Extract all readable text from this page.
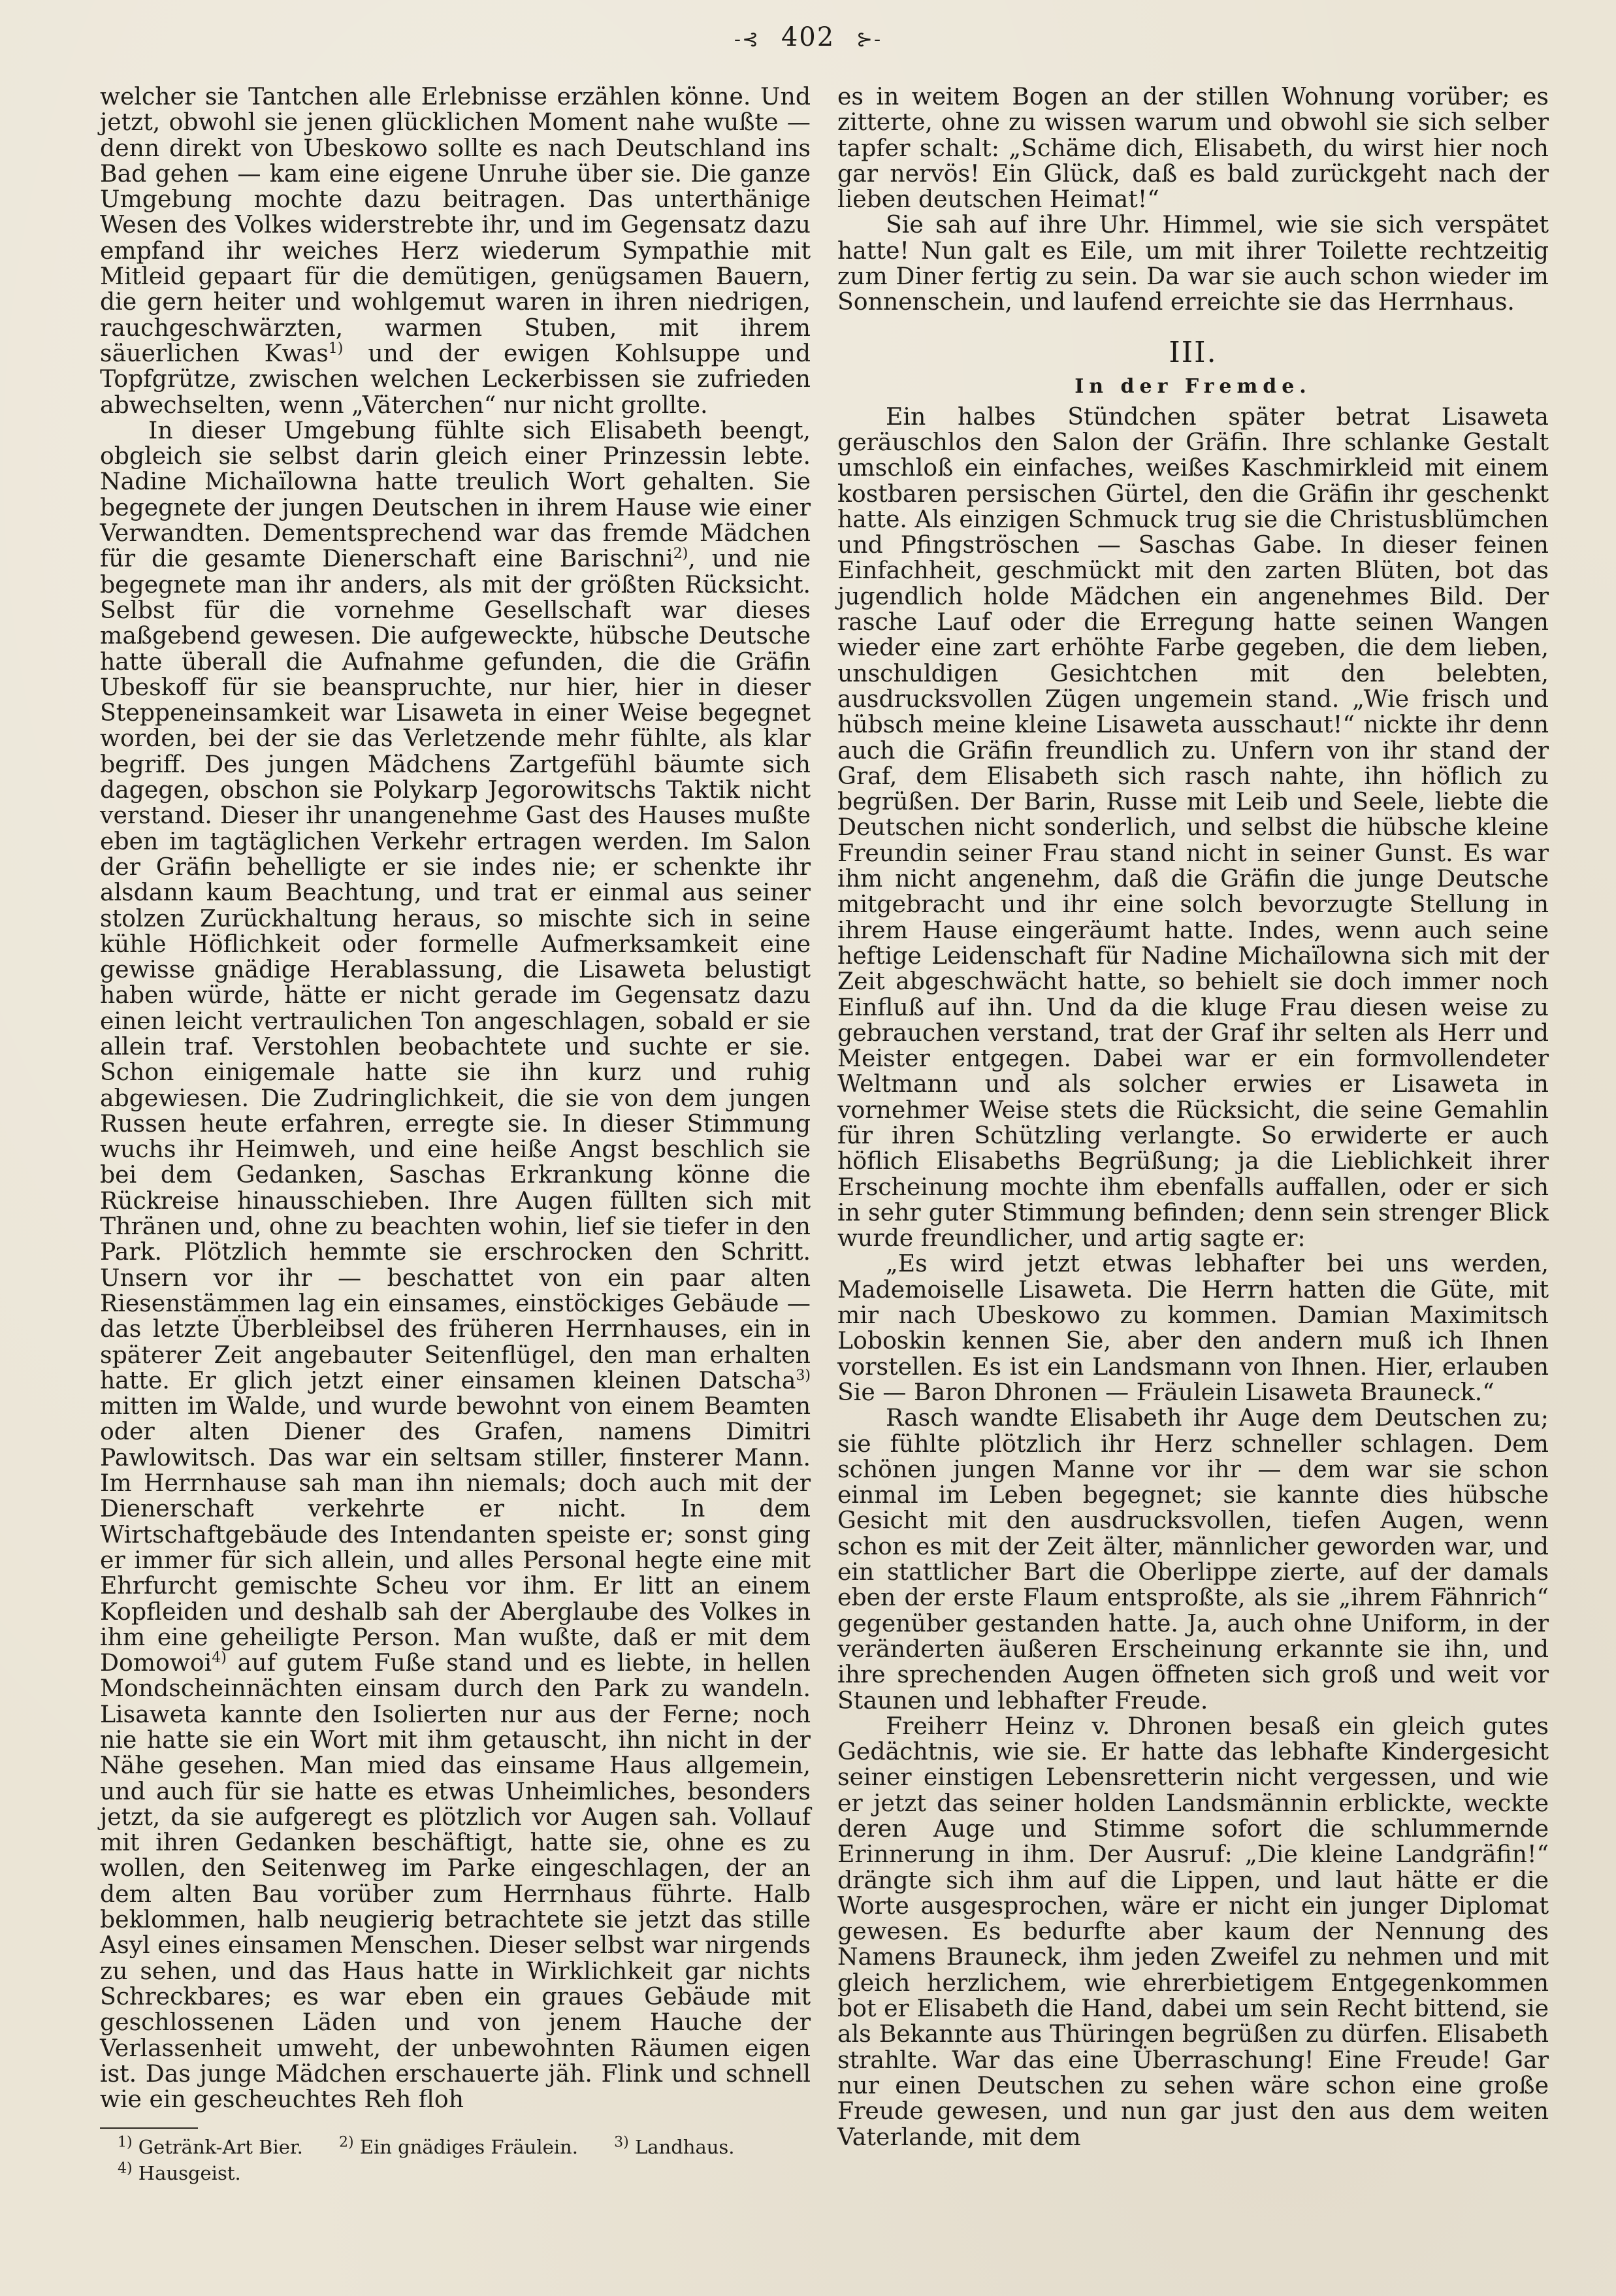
-⊰ 402 ⊱-

welcher sie Tantchen alle Erlebnisse erzählen könne. Und jetzt, obwohl sie jenen glücklichen Moment nahe wußte — denn direkt von Ubeskowo sollte es nach Deutschland ins Bad gehen — kam eine eigene Unruhe über sie. Die ganze Umgebung mochte dazu beitragen. Das unterthänige Wesen des Volkes widerstrebte ihr, und im Gegensatz dazu empfand ihr weiches Herz wiederum Sympathie mit Mitleid gepaart für die demütigen, genügsamen Bauern, die gern heiter und wohlgemut waren in ihren niedrigen, rauchgeschwärzten, warmen Stuben, mit ihrem säuerlichen Kwas$^{1)}$ und der ewigen Kohlsuppe und Topfgrütze, zwischen welchen Leckerbissen sie zufrieden abwechselten, wenn „Väterchen“ nur nicht grollte.

In dieser Umgebung fühlte sich Elisabeth beengt, obgleich sie selbst darin gleich einer Prinzessin lebte. Nadine Michaïlowna hatte treulich Wort gehalten. Sie begegnete der jungen Deutschen in ihrem Hause wie einer Verwandten. Dementsprechend war das fremde Mädchen für die gesamte Dienerschaft eine Barischni$^{2)}$, und nie begegnete man ihr anders, als mit der größten Rücksicht. Selbst für die vornehme Gesellschaft war dieses maßgebend gewesen. Die aufgeweckte, hübsche Deutsche hatte überall die Aufnahme gefunden, die die Gräfin Ubeskoff für sie beanspruchte, nur hier, hier in dieser Steppeneinsamkeit war Lisaweta in einer Weise begegnet worden, bei der sie das Verletzende mehr fühlte, als klar begriff. Des jungen Mädchens Zartgefühl bäumte sich dagegen, obschon sie Polykarp Jegorowitschs Taktik nicht verstand. Dieser ihr unangenehme Gast des Hauses mußte eben im tagtäglichen Verkehr ertragen werden. Im Salon der Gräfin behelligte er sie indes nie; er schenkte ihr alsdann kaum Beachtung, und trat er einmal aus seiner stolzen Zurückhaltung heraus, so mischte sich in seine kühle Höflichkeit oder formelle Aufmerksamkeit eine gewisse gnädige Herablassung, die Lisaweta belustigt haben würde, hätte er nicht gerade im Gegensatz dazu einen leicht vertraulichen Ton angeschlagen, sobald er sie allein traf. Verstohlen beobachtete und suchte er sie. Schon einigemale hatte sie ihn kurz und ruhig abgewiesen. Die Zudringlichkeit, die sie von dem jungen Russen heute erfahren, erregte sie. In dieser Stimmung wuchs ihr Heimweh, und eine heiße Angst beschlich sie bei dem Gedanken, Saschas Erkrankung könne die Rückreise hinausschieben. Ihre Augen füllten sich mit Thränen und, ohne zu beachten wohin, lief sie tiefer in den Park. Plötzlich hemmte sie erschrocken den Schritt. Unsern vor ihr — beschattet von ein paar alten Riesenstämmen lag ein einsames, einstöckiges Gebäude — das letzte Überbleibsel des früheren Herrnhauses, ein in späterer Zeit angebauter Seitenflügel, den man erhalten hatte. Er glich jetzt einer einsamen kleinen Datscha$^{3)}$ mitten im Walde, und wurde bewohnt von einem Beamten oder alten Diener des Grafen, namens Dimitri Pawlowitsch. Das war ein seltsam stiller, finsterer Mann. Im Herrnhause sah man ihn niemals; doch auch mit der Dienerschaft verkehrte er nicht. In dem Wirtschaftgebäude des Intendanten speiste er; sonst ging er immer für sich allein, und alles Personal hegte eine mit Ehrfurcht gemischte Scheu vor ihm. Er litt an einem Kopfleiden und deshalb sah der Aberglaube des Volkes in ihm eine geheiligte Person. Man wußte, daß er mit dem Domowoi$^{4)}$ auf gutem Fuße stand und es liebte, in hellen Mondscheinnächten einsam durch den Park zu wandeln. Lisaweta kannte den Isolierten nur aus der Ferne; noch nie hatte sie ein Wort mit ihm getauscht, ihn nicht in der Nähe gesehen. Man mied das einsame Haus allgemein, und auch für sie hatte es etwas Unheimliches, besonders jetzt, da sie aufgeregt es plötzlich vor Augen sah. Vollauf mit ihren Gedanken beschäftigt, hatte sie, ohne es zu wollen, den Seitenweg im Parke eingeschlagen, der an dem alten Bau vorüber zum Herrnhaus führte. Halb beklommen, halb neugierig betrachtete sie jetzt das stille Asyl eines einsamen Menschen. Dieser selbst war nirgends zu sehen, und das Haus hatte in Wirklichkeit gar nichts Schreckbares; es war eben ein graues Gebäude mit geschlossenen Läden und von jenem Hauche der Verlassenheit umweht, der unbewohnten Räumen eigen ist. Das junge Mädchen erschauerte jäh. Flink und schnell wie ein gescheuchtes Reh floh

es in weitem Bogen an der stillen Wohnung vorüber; es zitterte, ohne zu wissen warum und obwohl sie sich selber tapfer schalt: „Schäme dich, Elisabeth, du wirst hier noch gar nervös! Ein Glück, daß es bald zurückgeht nach der lieben deutschen Heimat!“

Sie sah auf ihre Uhr. Himmel, wie sie sich verspätet hatte! Nun galt es Eile, um mit ihrer Toilette rechtzeitig zum Diner fertig zu sein. Da war sie auch schon wieder im Sonnenschein, und laufend erreichte sie das Herrnhaus.

III.
In der Fremde.

Ein halbes Stündchen später betrat Lisaweta geräuschlos den Salon der Gräfin. Ihre schlanke Gestalt umschloß ein einfaches, weißes Kaschmirkleid mit einem kostbaren persischen Gürtel, den die Gräfin ihr geschenkt hatte. Als einzigen Schmuck trug sie die Christusblümchen und Pfingströschen — Saschas Gabe. In dieser feinen Einfachheit, geschmückt mit den zarten Blüten, bot das jugendlich holde Mädchen ein angenehmes Bild. Der rasche Lauf oder die Erregung hatte seinen Wangen wieder eine zart erhöhte Farbe gegeben, die dem lieben, unschuldigen Gesichtchen mit den belebten, ausdrucksvollen Zügen ungemein stand. „Wie frisch und hübsch meine kleine Lisaweta ausschaut!“ nickte ihr denn auch die Gräfin freundlich zu. Unfern von ihr stand der Graf, dem Elisabeth sich rasch nahte, ihn höflich zu begrüßen. Der Barin, Russe mit Leib und Seele, liebte die Deutschen nicht sonderlich, und selbst die hübsche kleine Freundin seiner Frau stand nicht in seiner Gunst. Es war ihm nicht angenehm, daß die Gräfin die junge Deutsche mitgebracht und ihr eine solch bevorzugte Stellung in ihrem Hause eingeräumt hatte. Indes, wenn auch seine heftige Leidenschaft für Nadine Michaïlowna sich mit der Zeit abgeschwächt hatte, so behielt sie doch immer noch Einfluß auf ihn. Und da die kluge Frau diesen weise zu gebrauchen verstand, trat der Graf ihr selten als Herr und Meister entgegen. Dabei war er ein formvollendeter Weltmann und als solcher erwies er Lisaweta in vornehmer Weise stets die Rücksicht, die seine Gemahlin für ihren Schützling verlangte. So erwiderte er auch höflich Elisabeths Begrüßung; ja die Lieblichkeit ihrer Erscheinung mochte ihm ebenfalls auffallen, oder er sich in sehr guter Stimmung befinden; denn sein strenger Blick wurde freundlicher, und artig sagte er:

„Es wird jetzt etwas lebhafter bei uns werden, Mademoiselle Lisaweta. Die Herrn hatten die Güte, mit mir nach Ubeskowo zu kommen. Damian Maximitsch Loboskin kennen Sie, aber den andern muß ich Ihnen vorstellen. Es ist ein Landsmann von Ihnen. Hier, erlauben Sie — Baron Dhronen — Fräulein Lisaweta Brauneck.“

Rasch wandte Elisabeth ihr Auge dem Deutschen zu; sie fühlte plötzlich ihr Herz schneller schlagen. Dem schönen jungen Manne vor ihr — dem war sie schon einmal im Leben begegnet; sie kannte dies hübsche Gesicht mit den ausdrucksvollen, tiefen Augen, wenn schon es mit der Zeit älter, männlicher geworden war, und ein stattlicher Bart die Oberlippe zierte, auf der damals eben der erste Flaum entsproßte, als sie „ihrem Fähnrich“ gegenüber gestanden hatte. Ja, auch ohne Uniform, in der veränderten äußeren Erscheinung erkannte sie ihn, und ihre sprechenden Augen öffneten sich groß und weit vor Staunen und lebhafter Freude.

Freiherr Heinz v. Dhronen besaß ein gleich gutes Gedächtnis, wie sie. Er hatte das lebhafte Kindergesicht seiner einstigen Lebensretterin nicht vergessen, und wie er jetzt das seiner holden Landsmännin erblickte, weckte deren Auge und Stimme sofort die schlummernde Erinnerung in ihm. Der Ausruf: „Die kleine Landgräfin!“ drängte sich ihm auf die Lippen, und laut hätte er die Worte ausgesprochen, wäre er nicht ein junger Diplomat gewesen. Es bedurfte aber kaum der Nennung des Namens Brauneck, ihm jeden Zweifel zu nehmen und mit gleich herzlichem, wie ehrerbietigem Entgegenkommen bot er Elisabeth die Hand, dabei um sein Recht bittend, sie als Bekannte aus Thüringen begrüßen zu dürfen. Elisabeth strahlte. War das eine Überraschung! Eine Freude! Gar nur einen Deutschen zu sehen wäre schon eine große Freude gewesen, und nun gar just den aus dem weiten Vaterlande, mit dem

$^{1)}$ Getränk-Art Bier.	$^{2)}$ Ein gnädiges Fräulein.	$^{3)}$ Landhaus.
$^{4)}$ Hausgeist.
